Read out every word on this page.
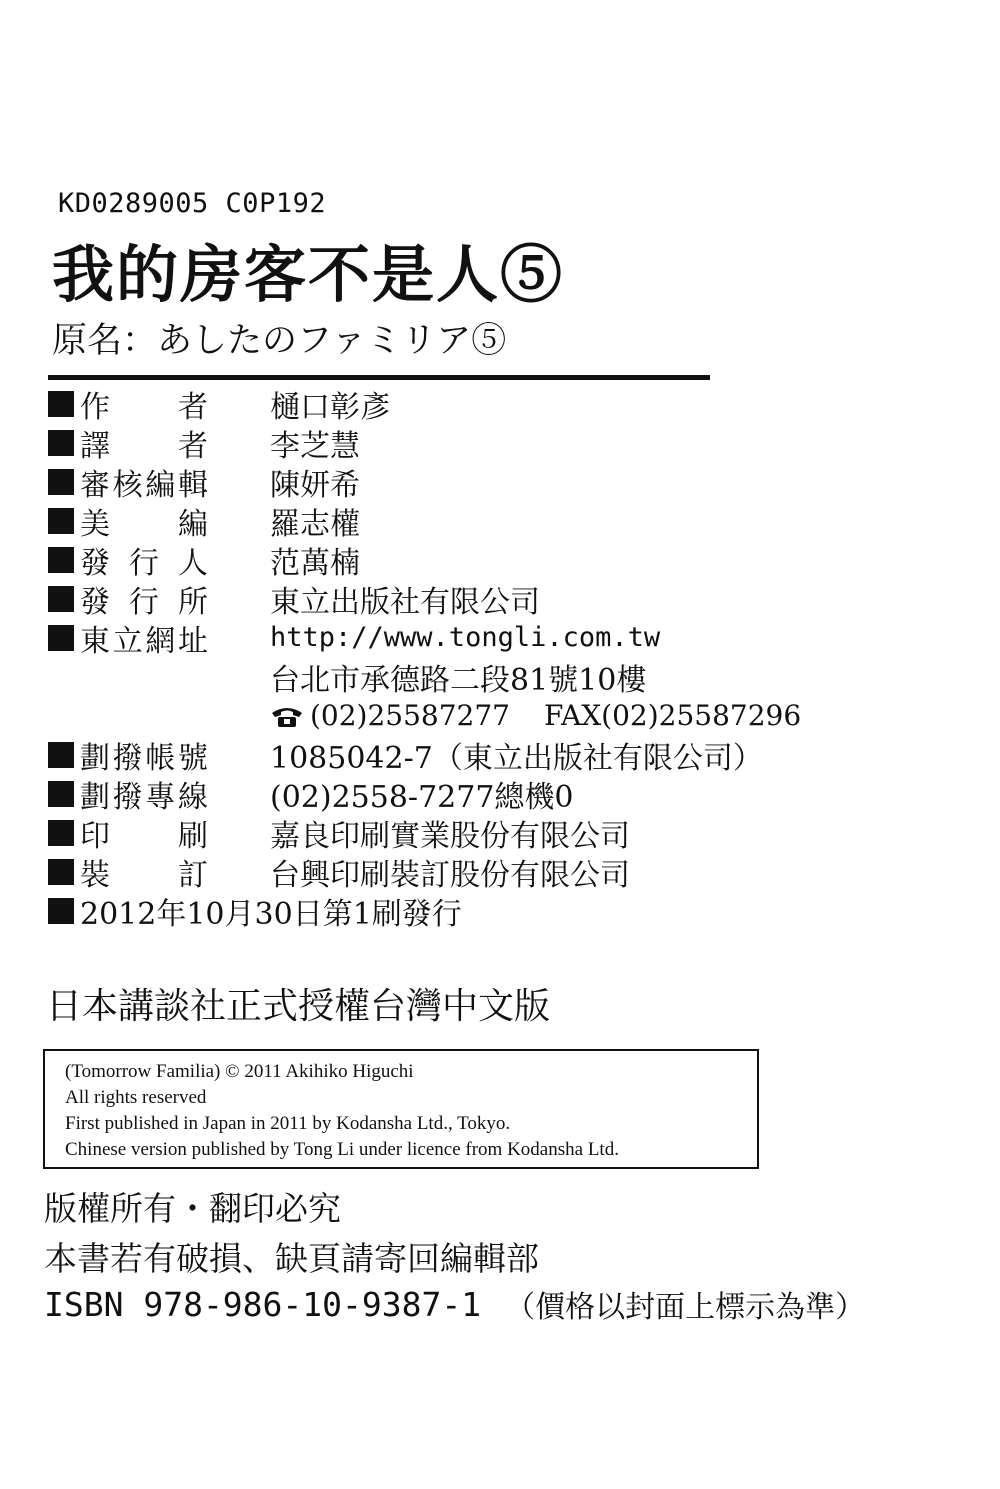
KD0289005 C0P192
我的房客不是人⑤
原名：あしたのファミリア⑤
作　者 樋口彰彥
譯　者 李芝慧
審核編輯 陳妍希
美　編 羅志權
發行人 范萬楠
發行所 東立出版社有限公司
東立網址 http://www.tongli.com.tw
台北市承德路二段81號10樓
(02)25587277 FAX(02)25587296
劃撥帳號 1085042-7（東立出版社有限公司）
劃撥專線 (02)2558-7277總機0
印　刷 嘉良印刷實業股份有限公司
裝　訂 台興印刷裝訂股份有限公司
2012年10月30日第1刷發行
日本講談社正式授權台灣中文版
(Tomorrow Familia) © 2011 Akihiko Higuchi
All rights reserved
First published in Japan in 2011 by Kodansha Ltd., Tokyo.
Chinese version published by Tong Li under licence from Kodansha Ltd.
版權所有・翻印必究
本書若有破損、缺頁請寄回編輯部
ISBN 978-986-10-9387-1 （價格以封面上標示為準）
